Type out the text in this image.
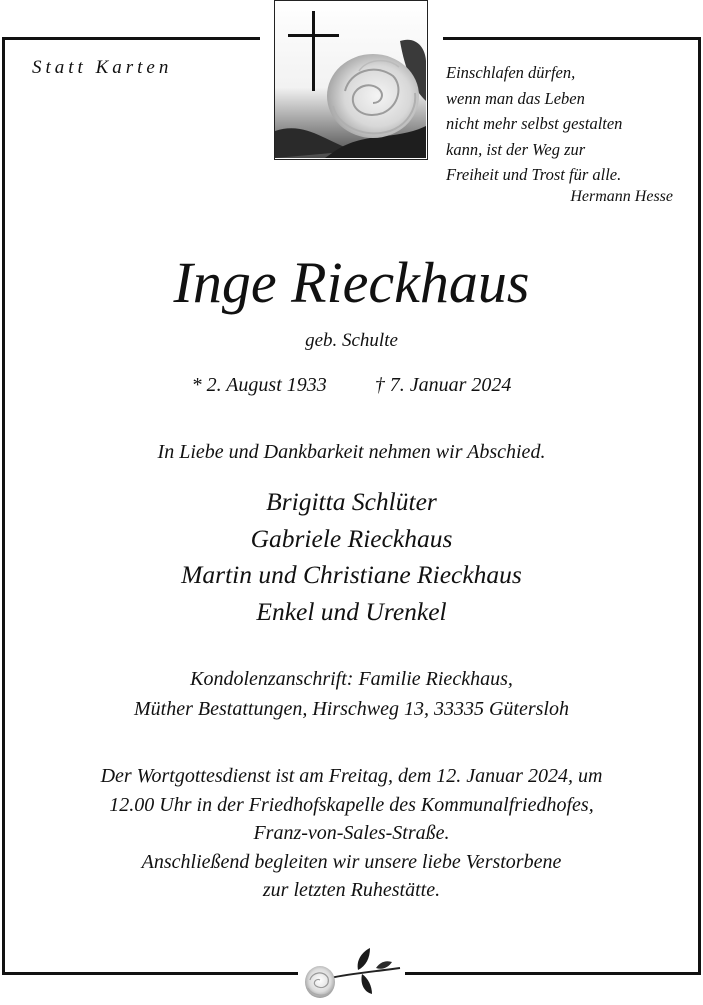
Statt Karten	Einschlafen dürfen,
wenn man das Leben
nicht mehr selbst gestalten
kann, ist der Weg zur
Freiheit und Trost für alle.
Hermann Hesse
Inge Rieckhaus
geb. Schulte
* 2. August 1933 † 7. Januar 2024
In Liebe und Dankbarkeit nehmen wir Abschied.
Brigitta Schlüter
Gabriele Rieckhaus
Martin und Christiane Rieckhaus
Enkel und Urenkel
Kondolenzanschrift: Familie Rieckhaus,
Müther Bestattungen, Hirschweg 13, 33335 Gütersloh
Der Wortgottesdienst ist am Freitag, dem 12. Januar 2024, um
12.00 Uhr in der Friedhofskapelle des Kommunalfriedhofes,
Franz-von-Sales-Straße.
Anschließend begleiten wir unsere liebe Verstorbene
zur letzten Ruhestätte.
